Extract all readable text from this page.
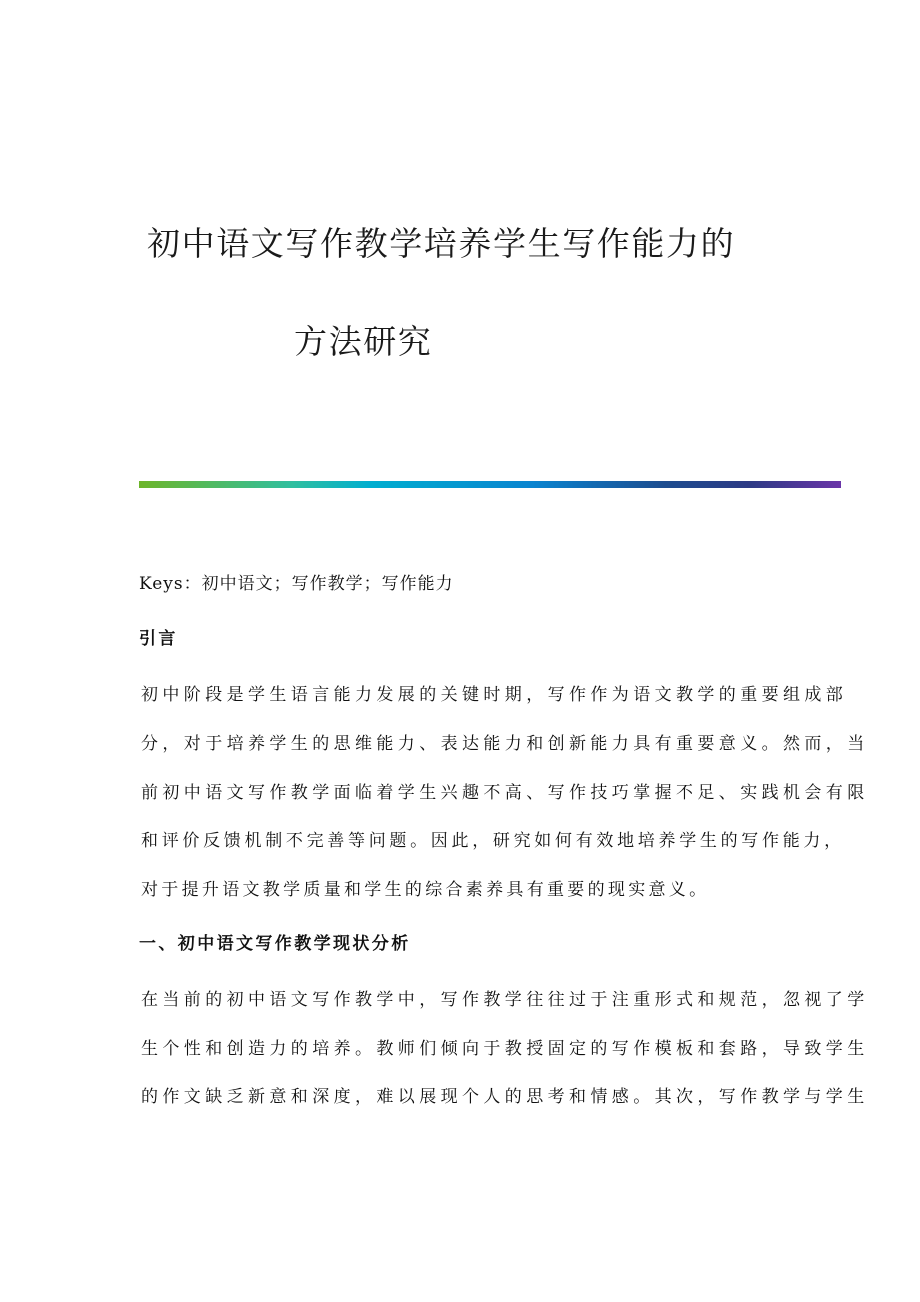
初中语文写作教学培养学生写作能力的
方法研究
Keys：初中语文；写作教学；写作能力
引言
初中阶段是学生语言能力发展的关键时期，写作作为语文教学的重要组成部
分，对于培养学生的思维能力、表达能力和创新能力具有重要意义。然而，当
前初中语文写作教学面临着学生兴趣不高、写作技巧掌握不足、实践机会有限
和评价反馈机制不完善等问题。因此，研究如何有效地培养学生的写作能力，
对于提升语文教学质量和学生的综合素养具有重要的现实意义。
一、初中语文写作教学现状分析
在当前的初中语文写作教学中，写作教学往往过于注重形式和规范，忽视了学
生个性和创造力的培养。教师们倾向于教授固定的写作模板和套路，导致学生
的作文缺乏新意和深度，难以展现个人的思考和情感。其次，写作教学与学生
